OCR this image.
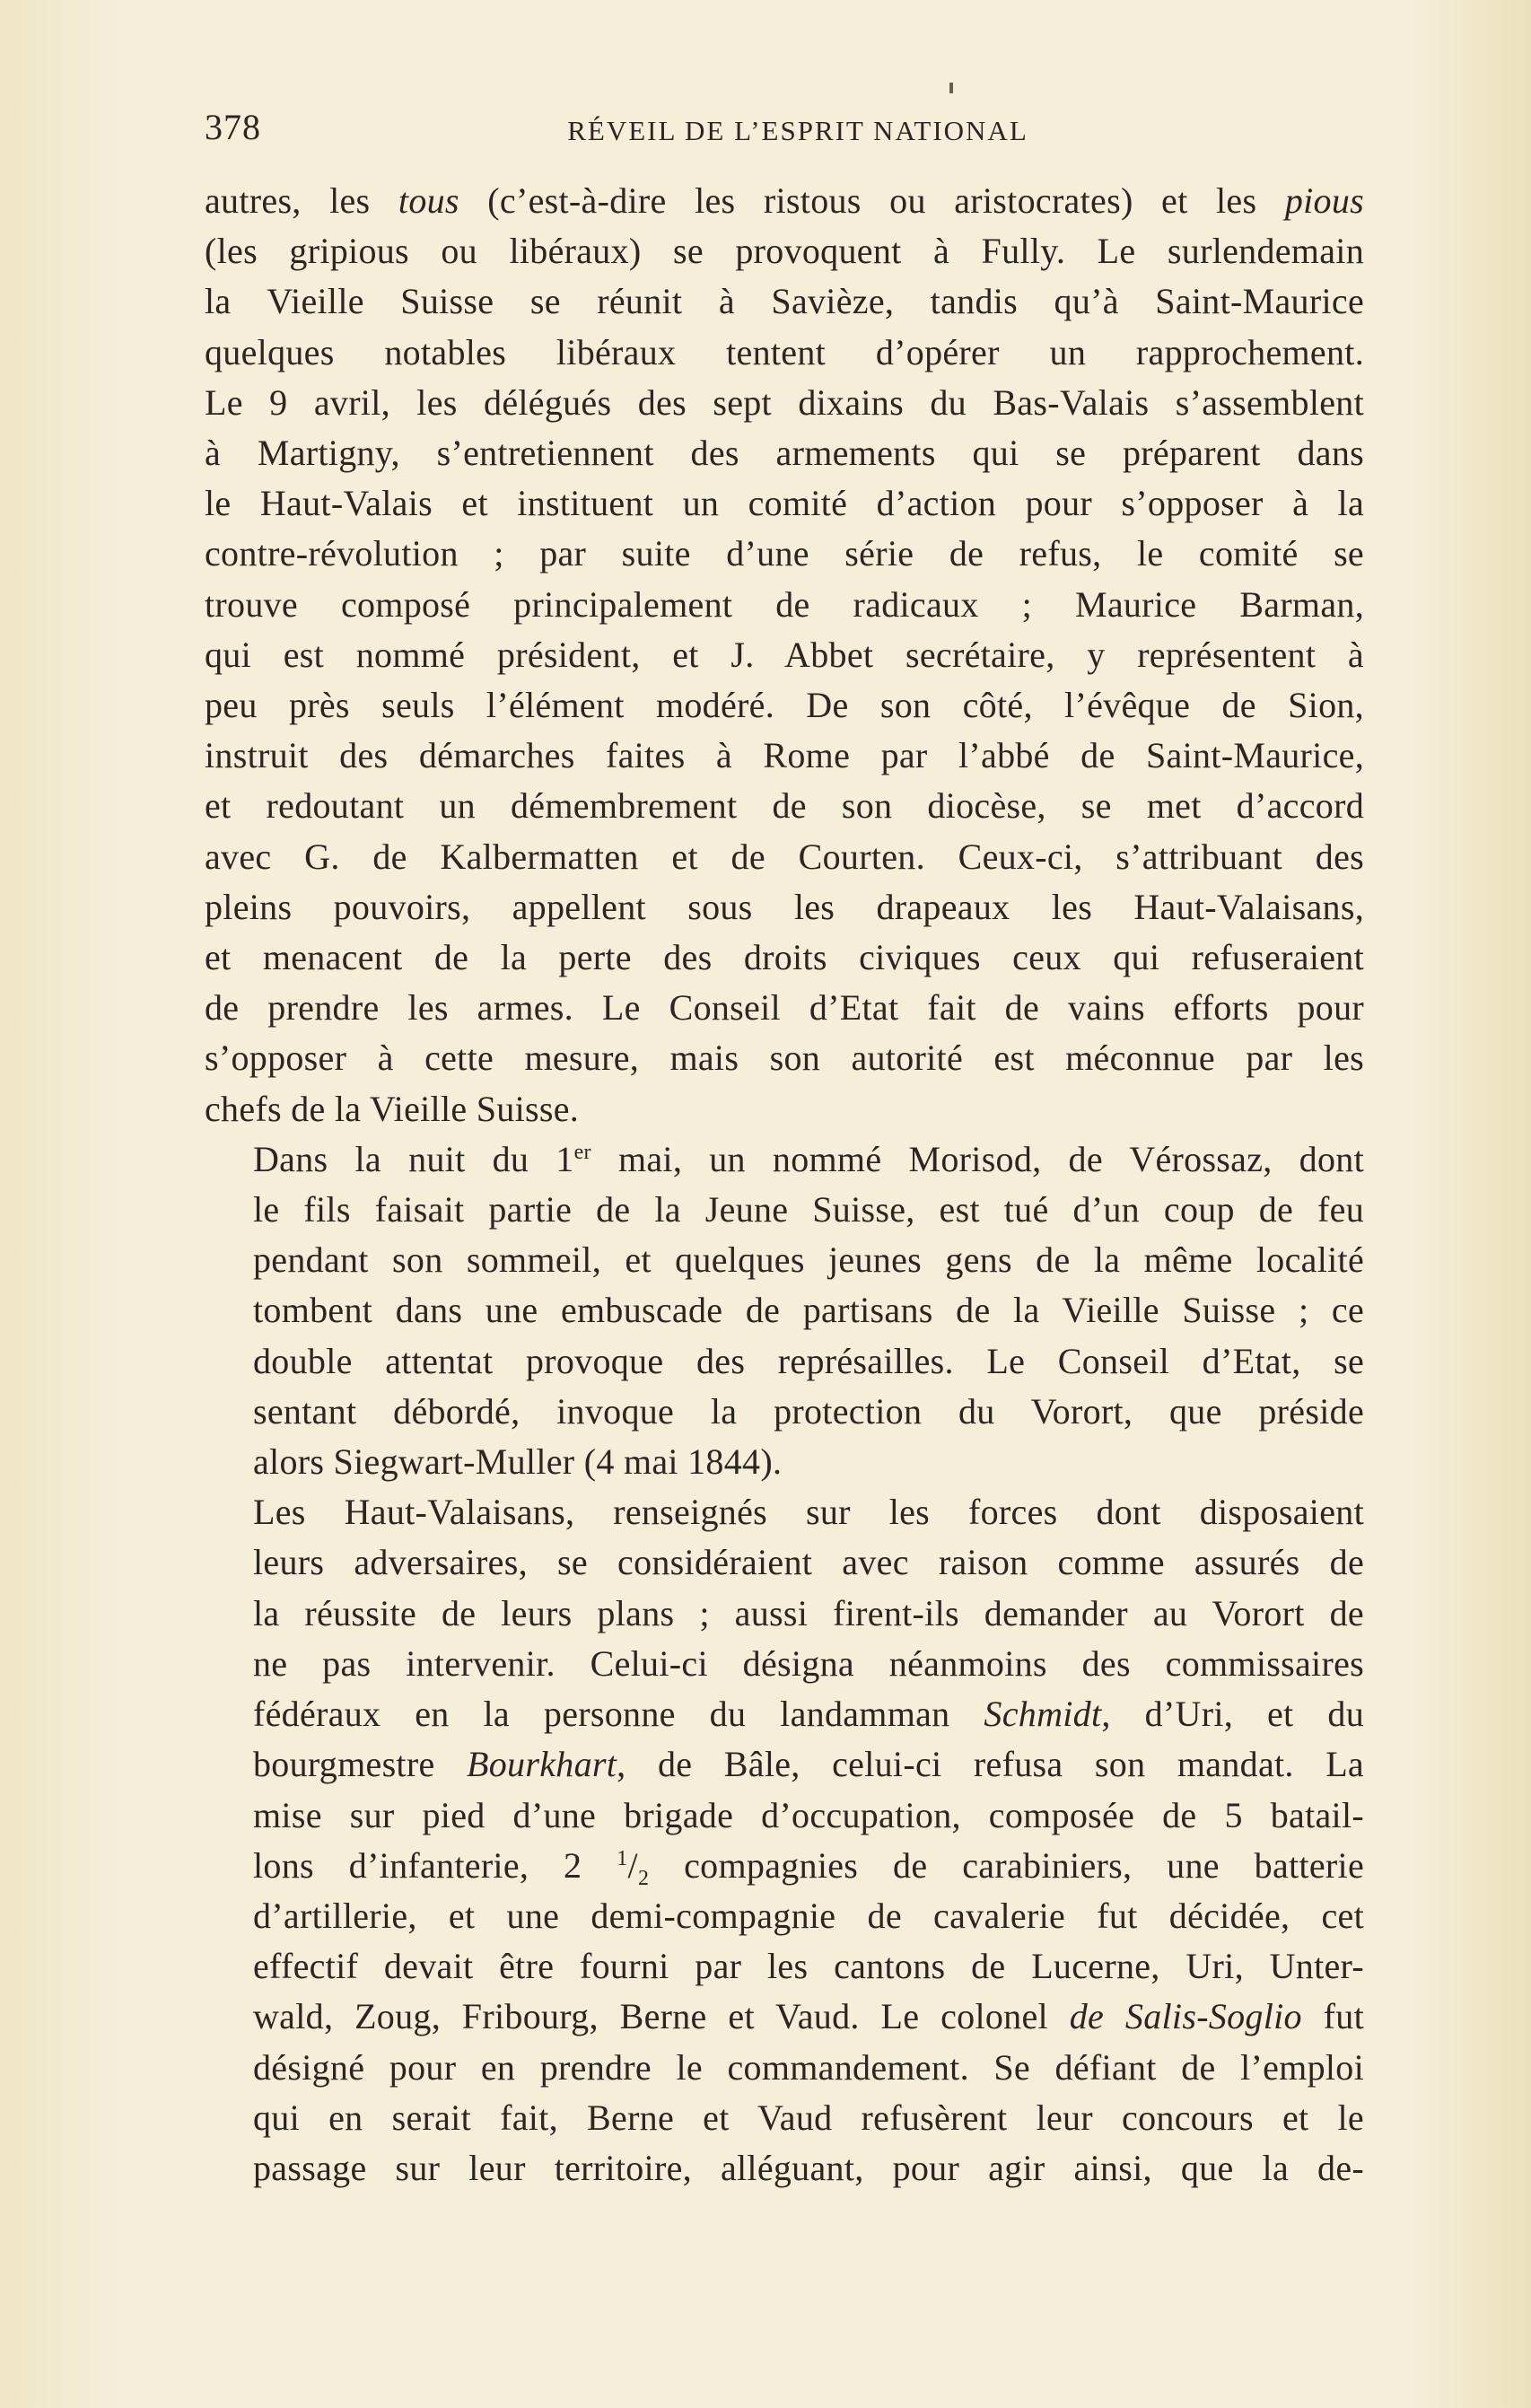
378	RÉVEIL DE L’ESPRIT NATIONAL

autres, les tous (c’est-à-dire les ristous ou aristocrates) et les pious
(les gripious ou libéraux) se provoquent à Fully. Le surlendemain
la Vieille Suisse se réunit à Savièze, tandis qu’à Saint-Maurice
quelques notables libéraux tentent d’opérer un rapprochement.
Le 9 avril, les délégués des sept dixains du Bas-Valais s’assemblent
à Martigny, s’entretiennent des armements qui se préparent dans
le Haut-Valais et instituent un comité d’action pour s’opposer à la
contre-révolution ; par suite d’une série de refus, le comité se
trouve composé principalement de radicaux ; Maurice Barman,
qui est nommé président, et J. Abbet secrétaire, y représentent à
peu près seuls l’élément modéré. De son côté, l’évêque de Sion,
instruit des démarches faites à Rome par l’abbé de Saint-Maurice,
et redoutant un démembrement de son diocèse, se met d’accord
avec G. de Kalbermatten et de Courten. Ceux-ci, s’attribuant des
pleins pouvoirs, appellent sous les drapeaux les Haut-Valaisans,
et menacent de la perte des droits civiques ceux qui refuseraient
de prendre les armes. Le Conseil d’Etat fait de vains efforts pour
s’opposer à cette mesure, mais son autorité est méconnue par les
chefs de la Vieille Suisse.

Dans la nuit du 1er mai, un nommé Morisod, de Vérossaz, dont
le fils faisait partie de la Jeune Suisse, est tué d’un coup de feu
pendant son sommeil, et quelques jeunes gens de la même localité
tombent dans une embuscade de partisans de la Vieille Suisse ; ce
double attentat provoque des représailles. Le Conseil d’Etat, se
sentant débordé, invoque la protection du Vorort, que préside
alors Siegwart-Muller (4 mai 1844).

Les Haut-Valaisans, renseignés sur les forces dont disposaient
leurs adversaires, se considéraient avec raison comme assurés de
la réussite de leurs plans ; aussi firent-ils demander au Vorort de
ne pas intervenir. Celui-ci désigna néanmoins des commissaires
fédéraux en la personne du landamman Schmidt, d’Uri, et du
bourgmestre Bourkhart, de Bâle, celui-ci refusa son mandat. La
mise sur pied d’une brigade d’occupation, composée de 5 batail-
lons d’infanterie, 2 $^1/_2$ compagnies de carabiniers, une batterie
d’artillerie, et une demi-compagnie de cavalerie fut décidée, cet
effectif devait être fourni par les cantons de Lucerne, Uri, Unter-
wald, Zoug, Fribourg, Berne et Vaud. Le colonel de Salis-Soglio fut
désigné pour en prendre le commandement. Se défiant de l’emploi
qui en serait fait, Berne et Vaud refusèrent leur concours et le
passage sur leur territoire, alléguant, pour agir ainsi, que la de-
